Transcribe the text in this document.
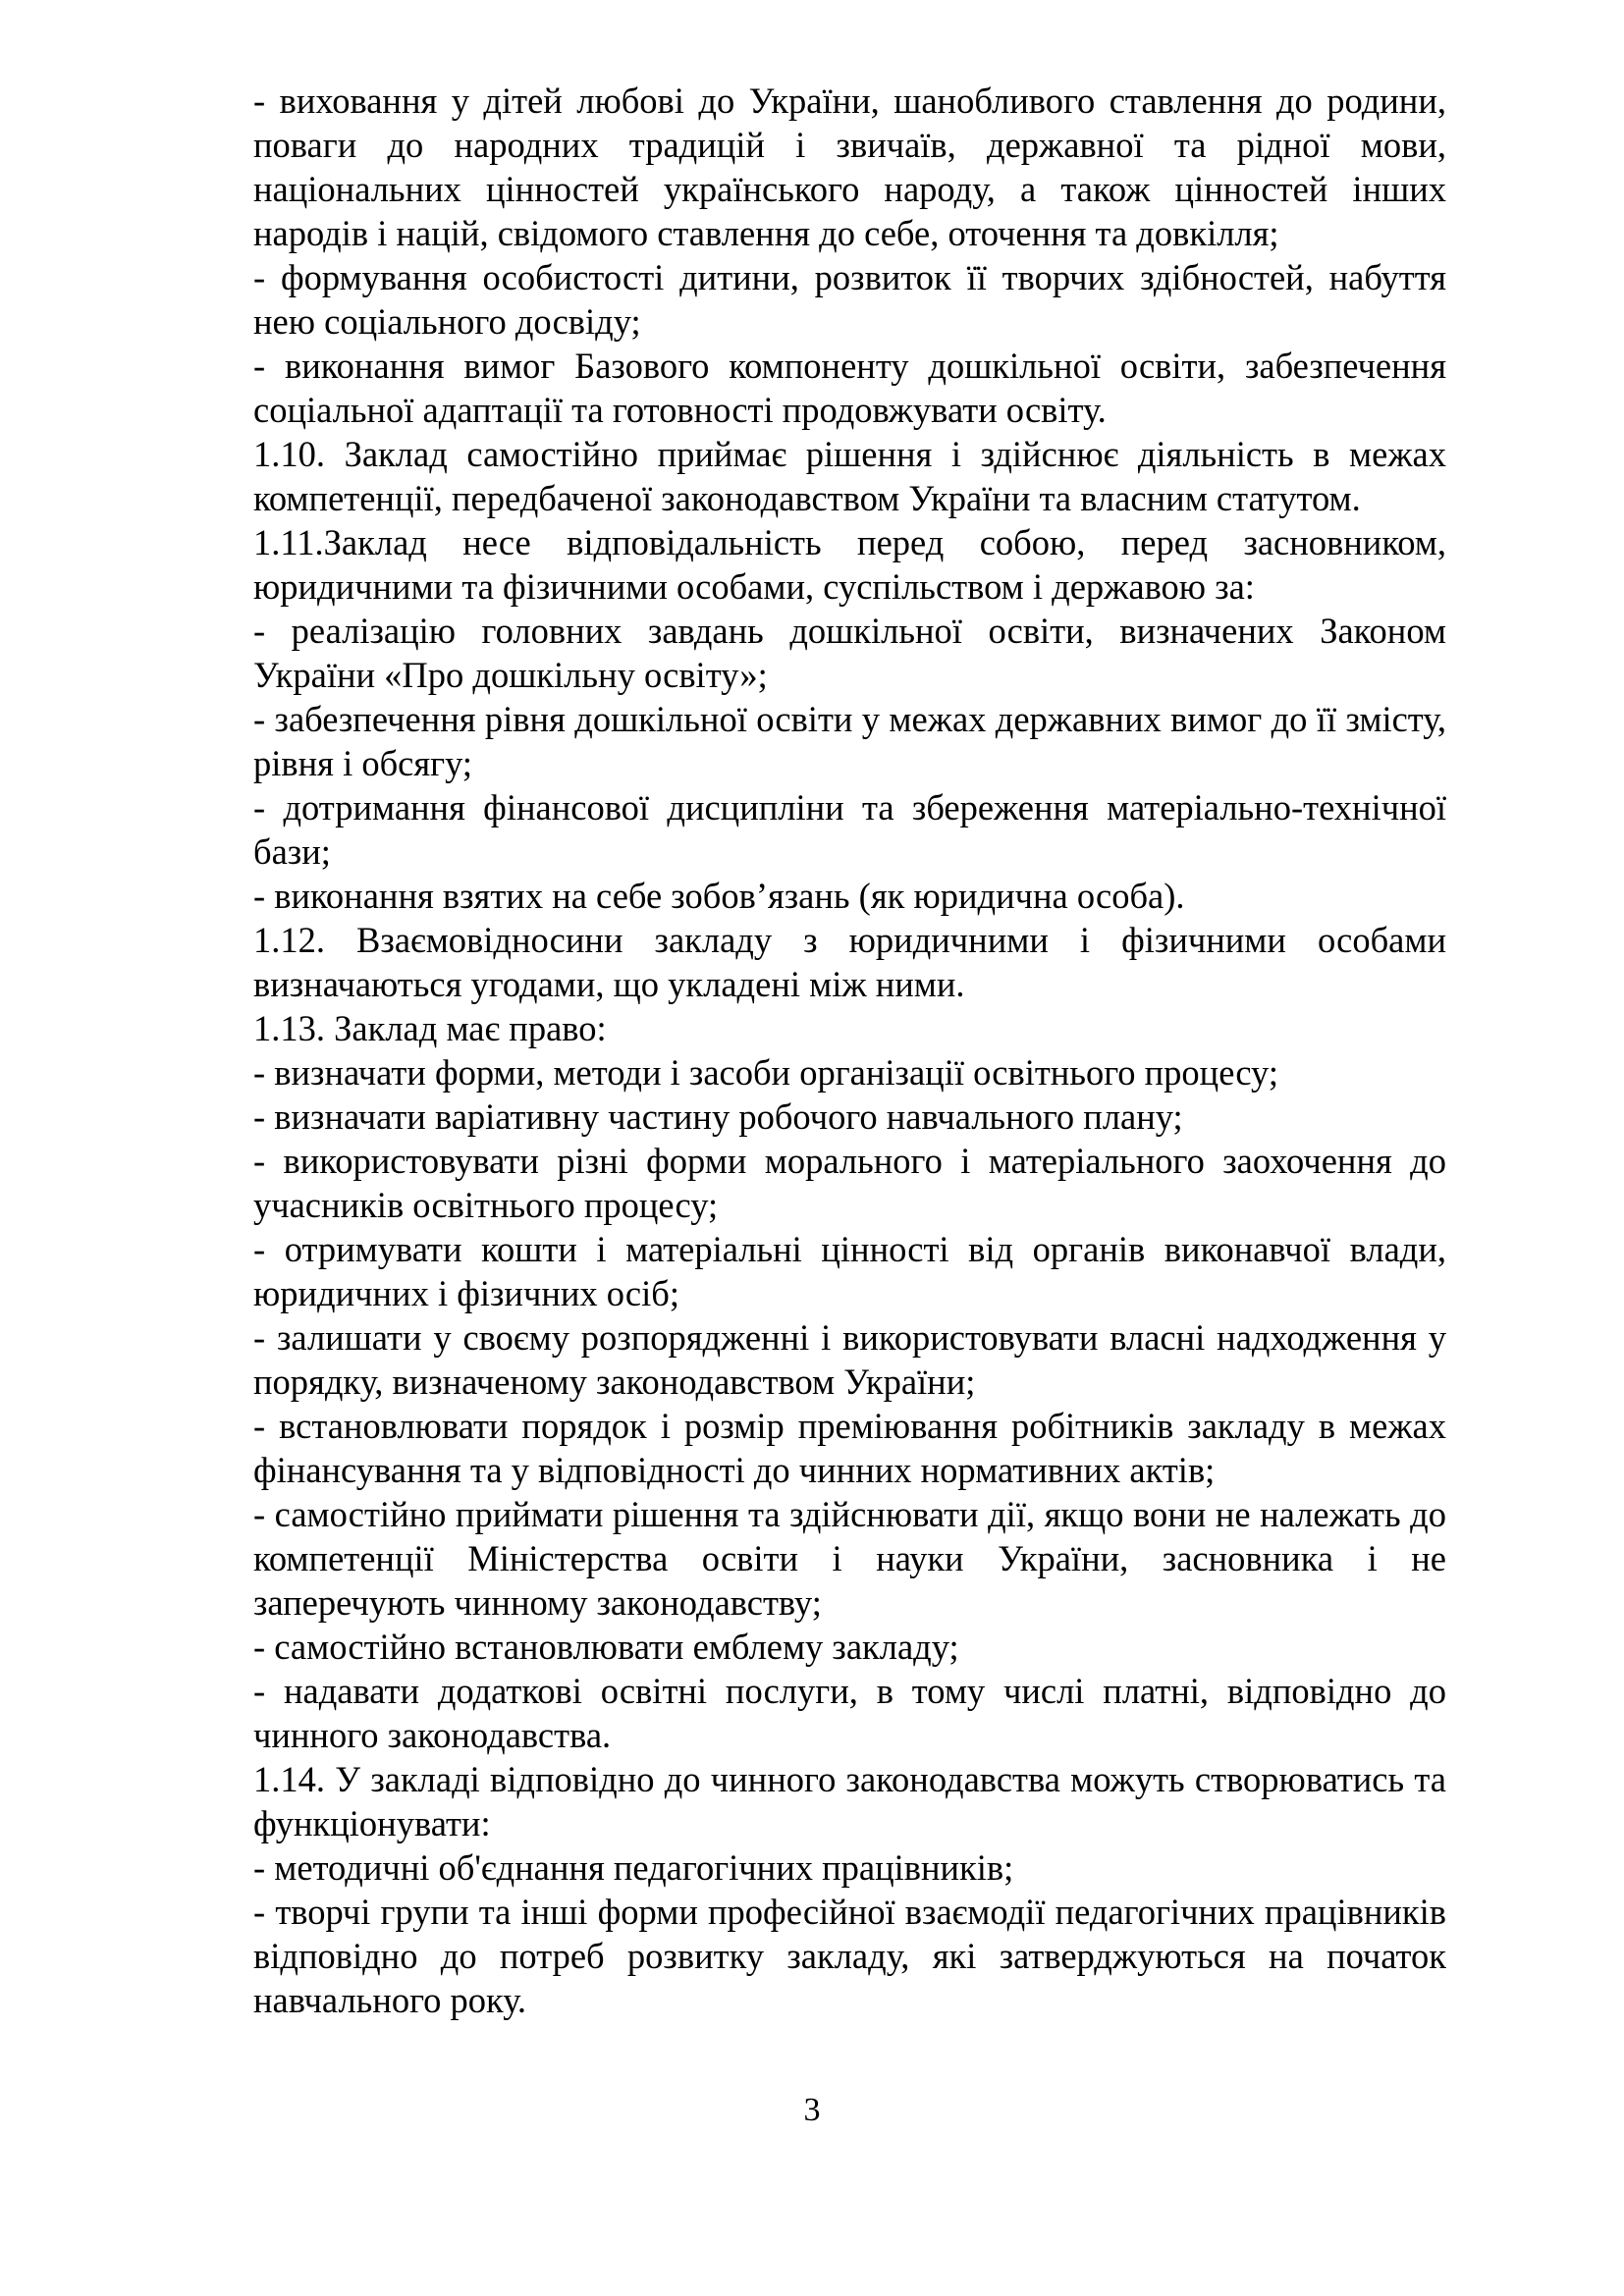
- виховання у дітей любові до України, шанобливого ставлення до родини, поваги до народних традицій і звичаїв, державної та рідної мови, національних цінностей українського народу, а також цінностей інших народів і націй, свідомого ставлення до себе, оточення та довкілля;

- формування особистості дитини, розвиток її творчих здібностей, набуття нею соціального досвіду;

- виконання вимог Базового компоненту дошкільної освіти, забезпечення соціальної адаптації та готовності продовжувати освіту.

1.10. Заклад самостійно приймає рішення і здійснює діяльність в межах компетенції, передбаченої законодавством України та власним статутом.

1.11.Заклад несе відповідальність перед собою, перед засновником, юридичними та фізичними особами, суспільством і державою за:

- реалізацію головних завдань дошкільної освіти, визначених Законом України «Про дошкільну освіту»;

- забезпечення рівня дошкільної освіти у межах державних вимог до її змісту, рівня і обсягу;

- дотримання фінансової дисципліни та збереження матеріально-технічної бази;

- виконання взятих на себе зобов’язань (як юридична особа).

1.12. Взаємовідносини закладу з юридичними і фізичними особами визначаються угодами, що укладені між ними.

1.13. Заклад має право:

- визначати форми, методи і засоби організації освітнього процесу;

- визначати варіативну частину робочого навчального плану;

- використовувати різні форми морального і матеріального заохочення до учасників освітнього процесу;

- отримувати кошти і матеріальні цінності від органів виконавчої влади, юридичних і фізичних осіб;

- залишати у своєму розпорядженні і використовувати власні надходження у порядку, визначеному законодавством України;

- встановлювати порядок і розмір преміювання робітників закладу в межах фінансування та у відповідності до чинних нормативних актів;

- самостійно приймати рішення та здійснювати дії, якщо вони не належать до компетенції Міністерства освіти і науки України, засновника і не заперечують чинному законодавству;

- самостійно встановлювати емблему закладу;

- надавати додаткові освітні послуги, в тому числі платні, відповідно до чинного законодавства.

1.14. У закладі відповідно до чинного законодавства можуть створюватись та функціонувати:

- методичні об'єднання педагогічних працівників;

- творчі групи та інші форми професійної взаємодії педагогічних працівників відповідно до потреб розвитку закладу, які затверджуються на початок навчального року.

3
